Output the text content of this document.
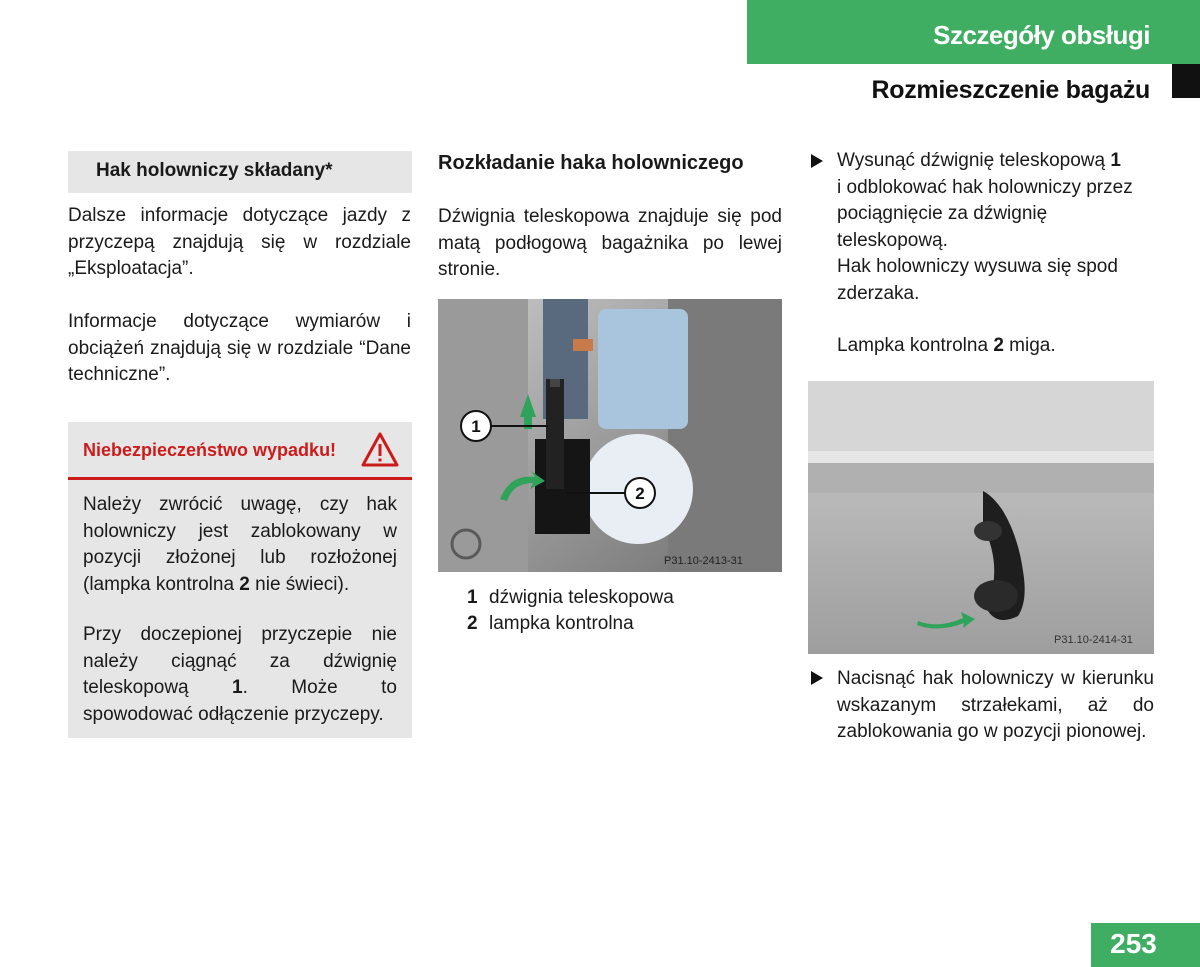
Szczegóły obsługi
Rozmieszczenie bagażu
Hak holowniczy składany*

Dalsze informacje dotyczące jazdy z przyczepą znajdują się w rozdziale „Eksploatacja”.

Informacje dotyczące wymiarów i obciążeń znajdują się w rozdziale “Dane techniczne”.

Niebezpieczeństwo wypadku!

Należy zwrócić uwagę, czy hak holowniczy jest zablokowany w pozycji złożonej lub rozłożonej (lampka kontrolna 2 nie świeci).

Przy doczepionej przyczepie nie należy ciągnąć za dźwignię teleskopową 1. Może to spowodować odłączenie przyczepy.

Rozkładanie haka holowniczego

Dźwignia teleskopowa znajduje się pod matą podłogową bagażnika po lewej stronie.

1
2
P31.10-2413-31
1 dźwignia teleskopowa
2 lampka kontrolna

Wysunąć dźwignię teleskopową 1
i odblokować hak holowniczy przez pociągnięcie za dźwignię teleskopową.

Hak holowniczy wysuwa się spod zderzaka.

Lampka kontrolna 2 miga.

P31.10-2414-31

Nacisnąć hak holowniczy w kierunku wskazanym strzałekami, aż do zablokowania go w pozycji pionowej.

253
